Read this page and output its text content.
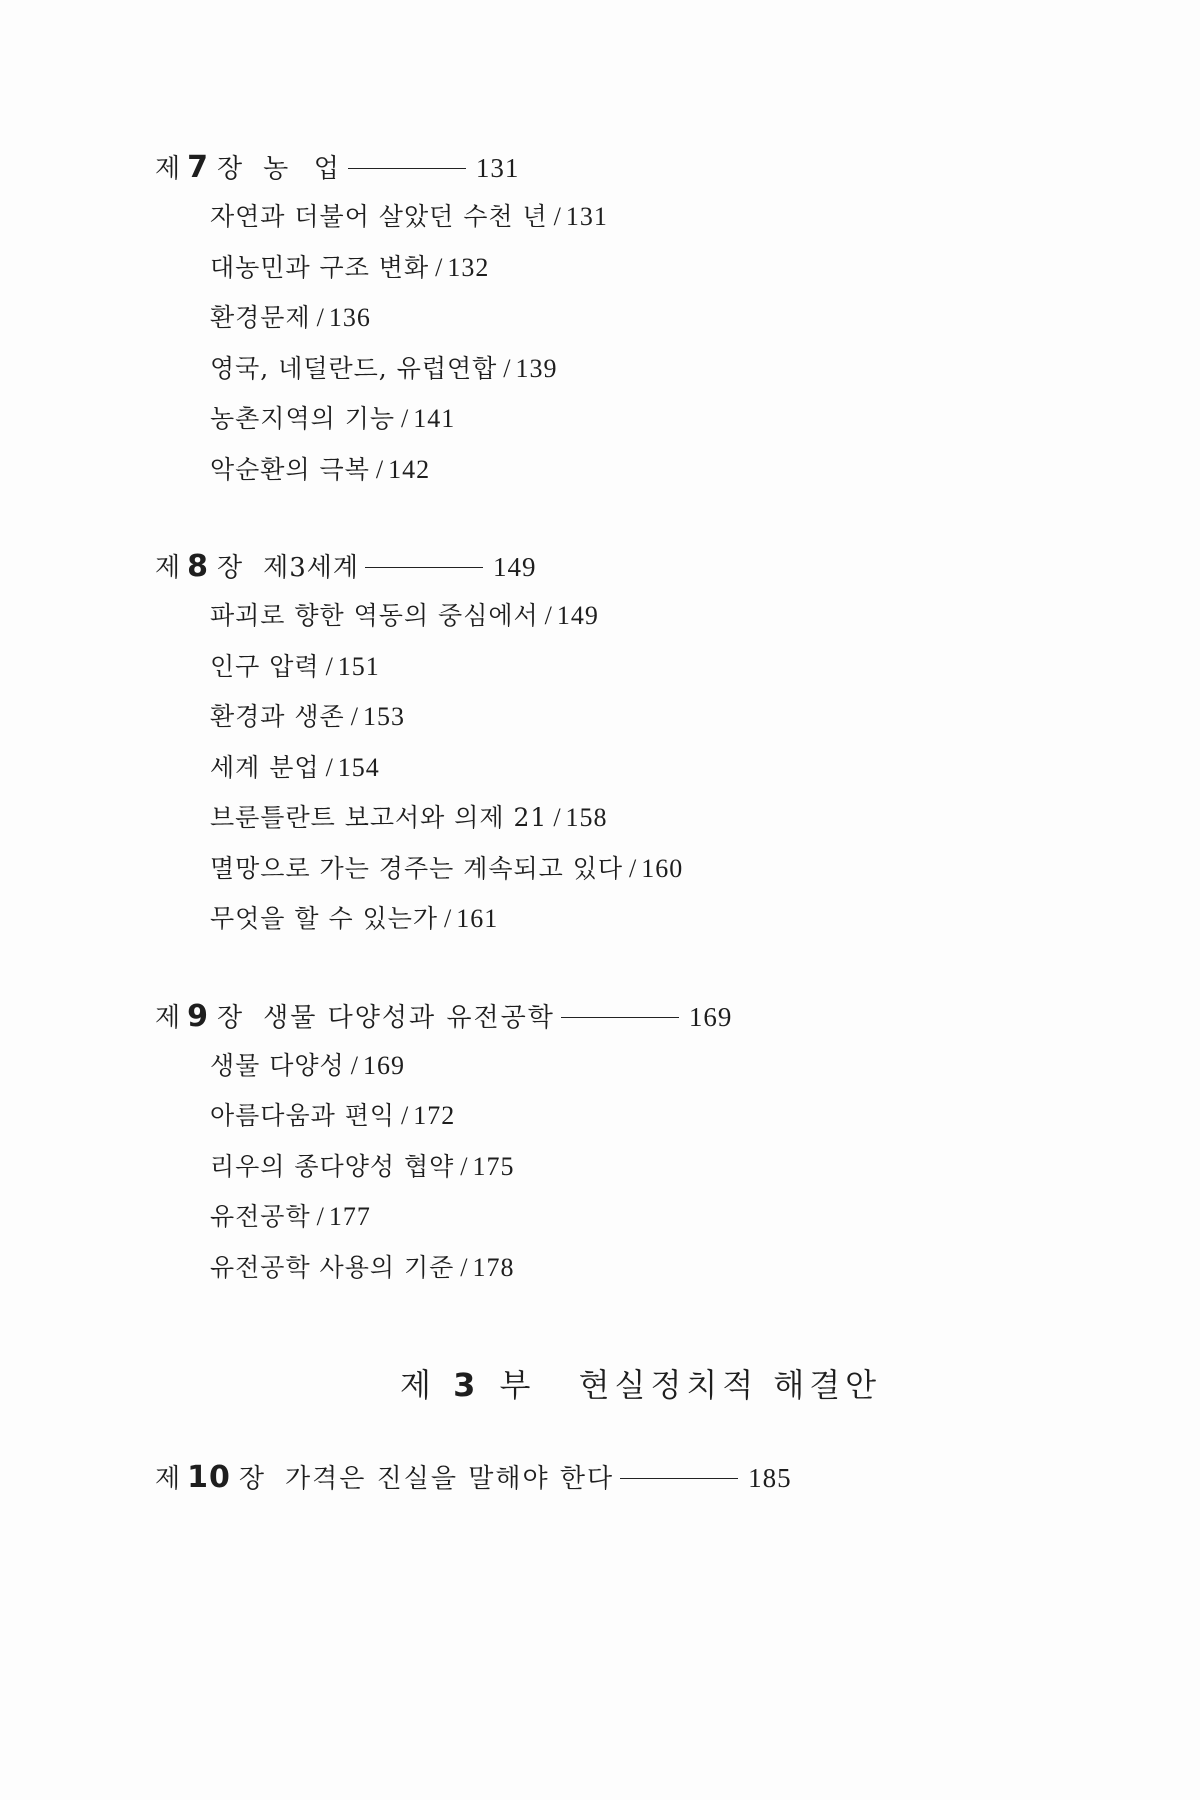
제 7 장 농  업	131
자연과 더불어 살았던 수천 년 / 131
대농민과 구조 변화 / 132
환경문제 / 136
영국, 네덜란드, 유럽연합 / 139
농촌지역의 기능 / 141
악순환의 극복 / 142
제 8 장 제3세계	149
파괴로 향한 역동의 중심에서 / 149
인구 압력 / 151
환경과 생존 / 153
세계 분업 / 154
브룬틀란트 보고서와 의제 21 / 158
멸망으로 가는 경주는 계속되고 있다 / 160
무엇을 할 수 있는가 / 161
제 9 장 생물 다양성과 유전공학	169
생물 다양성 / 169
아름다움과 편익 / 172
리우의 종다양성 협약 / 175
유전공학 / 177
유전공학 사용의 기준 / 178
제 3 부 현실정치적 해결안
제 10 장 가격은 진실을 말해야 한다	185
